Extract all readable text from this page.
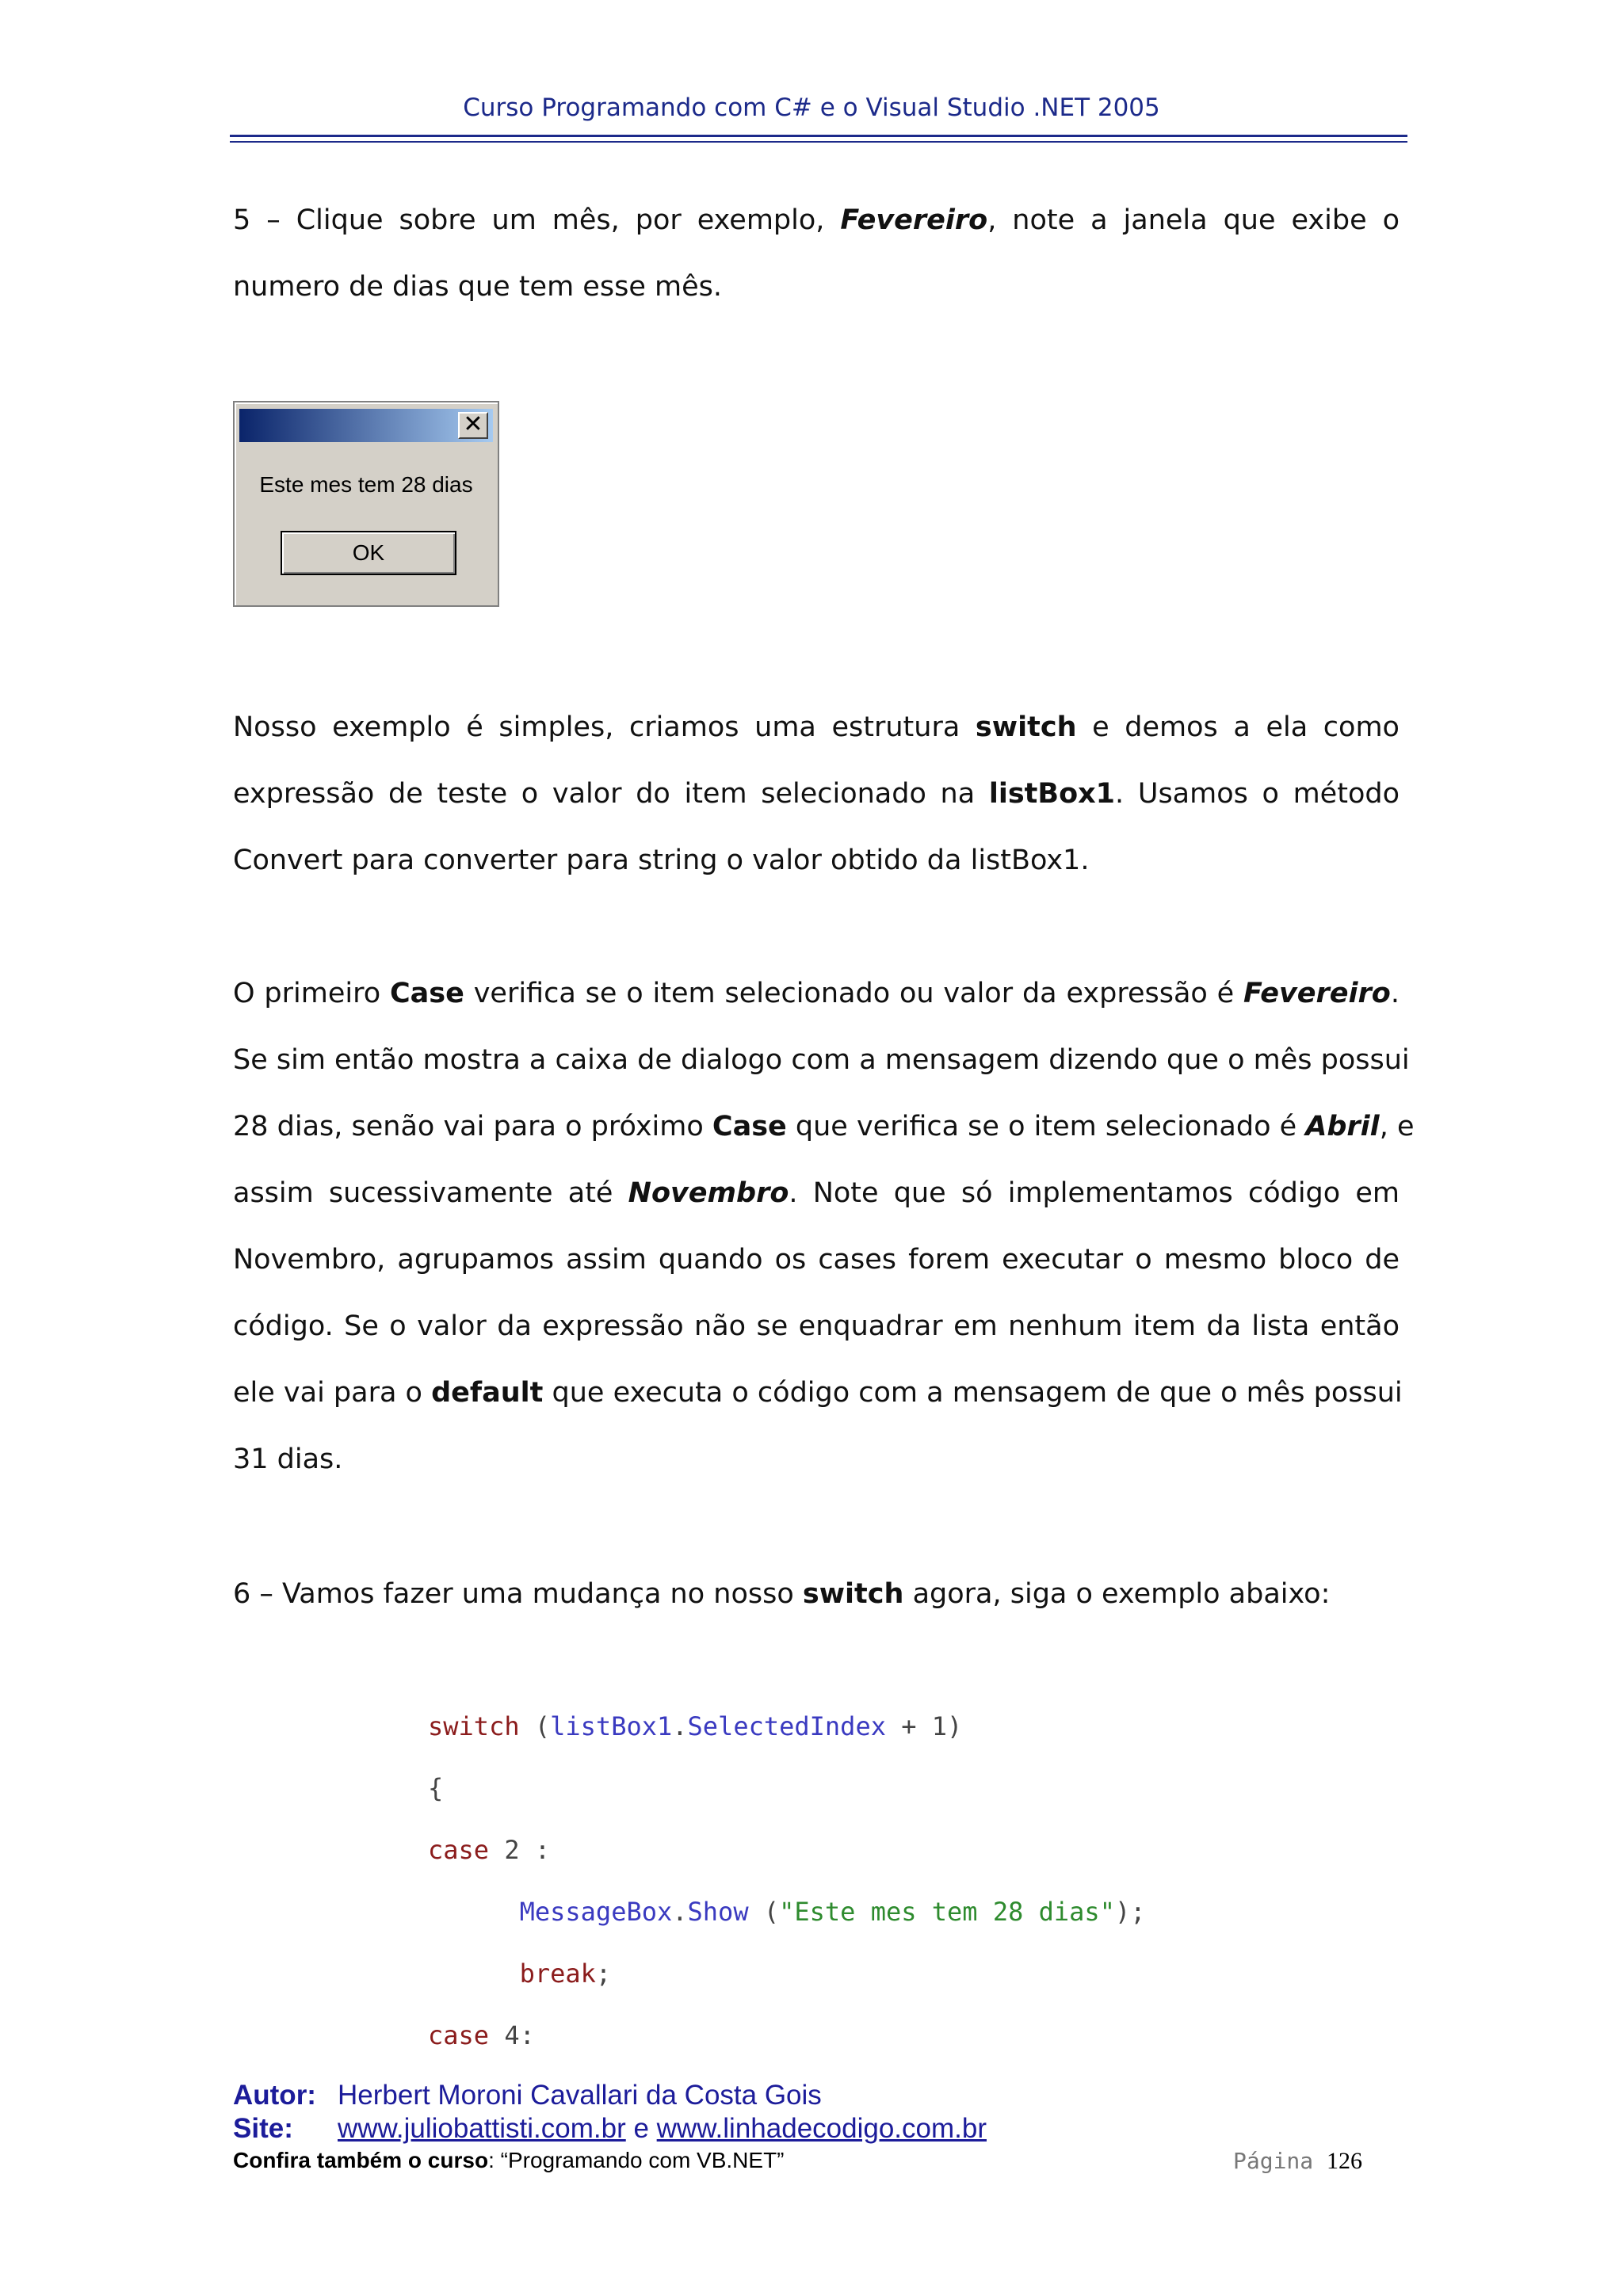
Curso Programando com C# e o Visual Studio .NET 2005
5 – Clique sobre um mês, por exemplo, Fevereiro, note a janela que exibe o
numero de dias que tem esse mês.
✕
Este mes tem 28 dias
OK
Nosso exemplo é simples, criamos uma estrutura switch e demos a ela como
expressão de teste o valor do item selecionado na listBox1. Usamos o método
Convert para converter para string o valor obtido da listBox1.
O primeiro Case verifica se o item selecionado ou valor da expressão é Fevereiro.
Se sim então mostra a caixa de dialogo com a mensagem dizendo que o mês possui
28 dias, senão vai para o próximo Case que verifica se o item selecionado é Abril, e
assim sucessivamente até Novembro. Note que só implementamos código em
Novembro, agrupamos assim quando os cases forem executar o mesmo bloco de
código. Se o valor da expressão não se enquadrar em nenhum item da lista então
ele vai para o default que executa o código com a mensagem de que o mês possui
31 dias.
6 – Vamos fazer uma mudança no nosso switch agora, siga o exemplo abaixo:
switch (listBox1.SelectedIndex + 1)
{
case 2 :
MessageBox.Show ("Este mes tem 28 dias");
break;
case 4:
Autor: Herbert Moroni Cavallari da Costa Gois
Site: www.juliobattisti.com.br e www.linhadecodigo.com.br
Confira também o curso: “Programando com VB.NET”	Página 126
